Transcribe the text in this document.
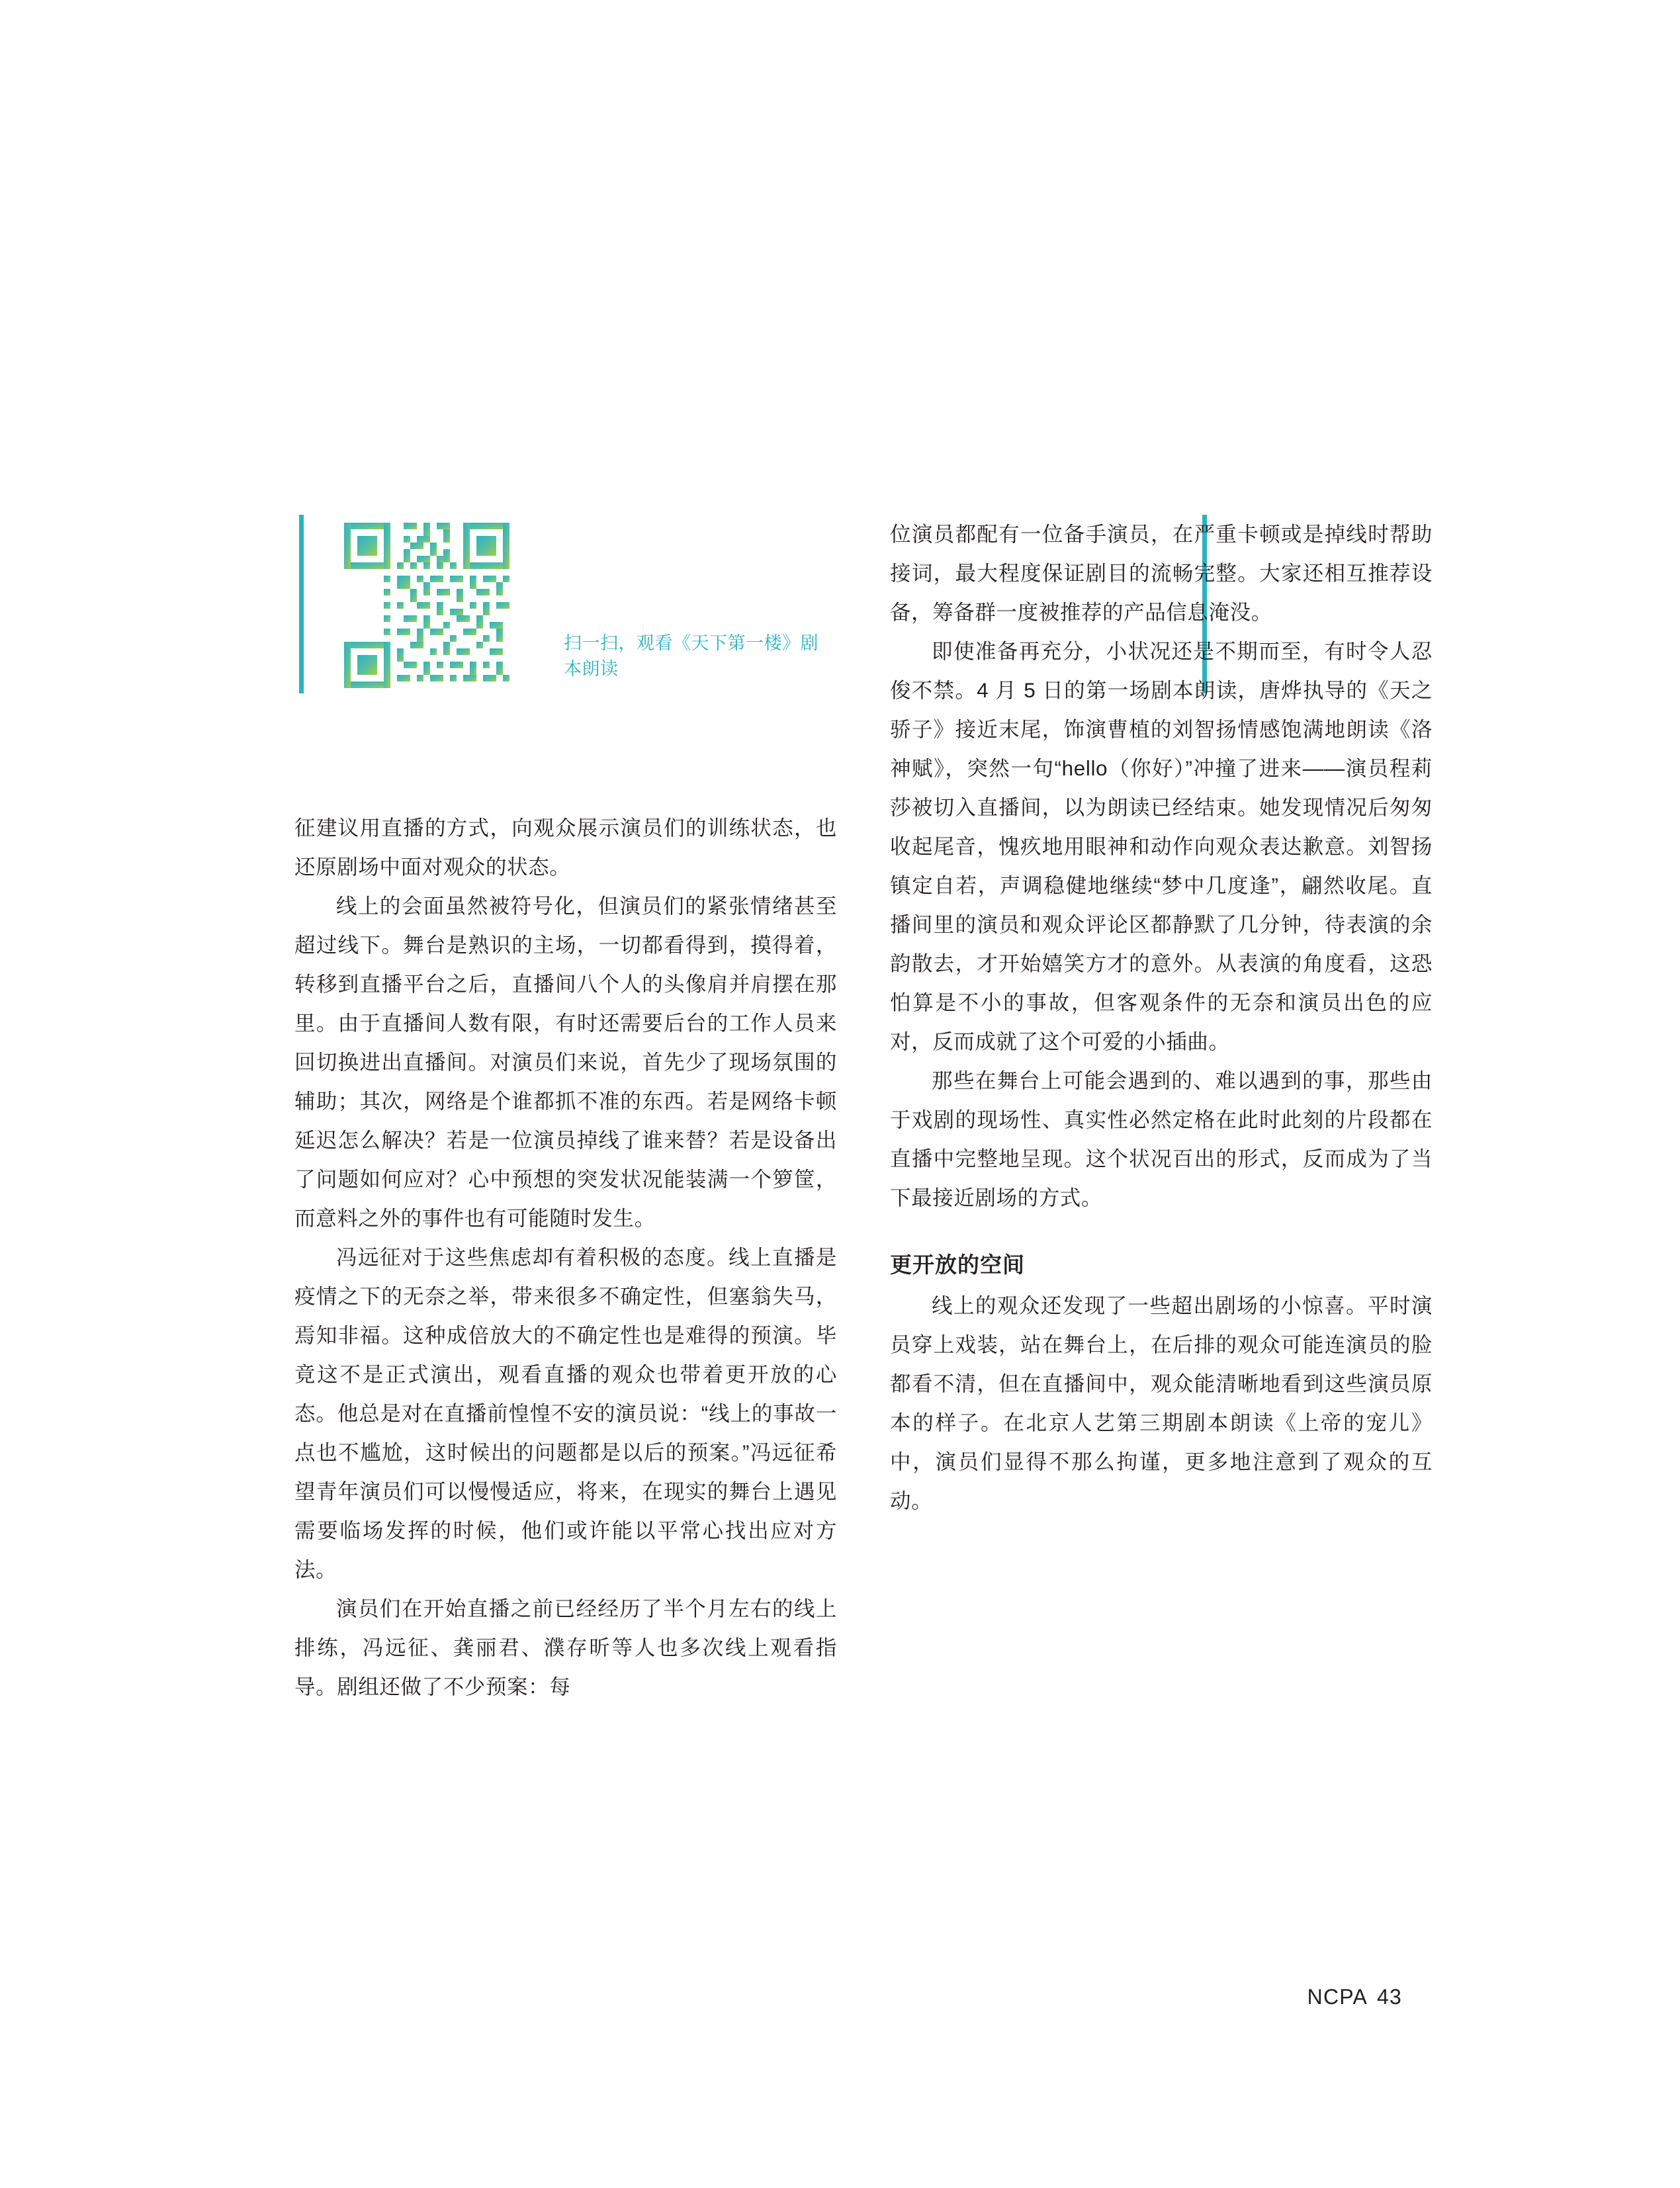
扫一扫，观看《天下第一楼》剧本朗读

征建议用直播的方式，向观众展示演员们的训练状态，也还原剧场中面对观众的状态。

线上的会面虽然被符号化，但演员们的紧张情绪甚至超过线下。舞台是熟识的主场，一切都看得到，摸得着，转移到直播平台之后，直播间八个人的头像肩并肩摆在那里。由于直播间人数有限，有时还需要后台的工作人员来回切换进出直播间。对演员们来说，首先少了现场氛围的辅助；其次，网络是个谁都抓不准的东西。若是网络卡顿延迟怎么解决？若是一位演员掉线了谁来替？若是设备出了问题如何应对？心中预想的突发状况能装满一个箩筐，而意料之外的事件也有可能随时发生。

冯远征对于这些焦虑却有着积极的态度。线上直播是疫情之下的无奈之举，带来很多不确定性，但塞翁失马，焉知非福。这种成倍放大的不确定性也是难得的预演。毕竟这不是正式演出，观看直播的观众也带着更开放的心态。他总是对在直播前惶惶不安的演员说：“线上的事故一点也不尴尬，这时候出的问题都是以后的预案。”冯远征希望青年演员们可以慢慢适应，将来，在现实的舞台上遇见需要临场发挥的时候，他们或许能以平常心找出应对方法。

演员们在开始直播之前已经经历了半个月左右的线上排练，冯远征、龚丽君、濮存昕等人也多次线上观看指导。剧组还做了不少预案：每

位演员都配有一位备手演员，在严重卡顿或是掉线时帮助接词，最大程度保证剧目的流畅完整。大家还相互推荐设备，筹备群一度被推荐的产品信息淹没。

即使准备再充分，小状况还是不期而至，有时令人忍俊不禁。4 月 5 日的第一场剧本朗读，唐烨执导的《天之骄子》接近末尾，饰演曹植的刘智扬情感饱满地朗读《洛神赋》，突然一句“hello（你好）”冲撞了进来——演员程莉莎被切入直播间，以为朗读已经结束。她发现情况后匆匆收起尾音，愧疚地用眼神和动作向观众表达歉意。刘智扬镇定自若，声调稳健地继续“梦中几度逢”，翩然收尾。直播间里的演员和观众评论区都静默了几分钟，待表演的余韵散去，才开始嬉笑方才的意外。从表演的角度看，这恐怕算是不小的事故，但客观条件的无奈和演员出色的应对，反而成就了这个可爱的小插曲。

那些在舞台上可能会遇到的、难以遇到的事，那些由于戏剧的现场性、真实性必然定格在此时此刻的片段都在直播中完整地呈现。这个状况百出的形式，反而成为了当下最接近剧场的方式。

更开放的空间

线上的观众还发现了一些超出剧场的小惊喜。平时演员穿上戏装，站在舞台上，在后排的观众可能连演员的脸都看不清，但在直播间中，观众能清晰地看到这些演员原本的样子。在北京人艺第三期剧本朗读《上帝的宠儿》中，演员们显得不那么拘谨，更多地注意到了观众的互动。

NCPA 43
